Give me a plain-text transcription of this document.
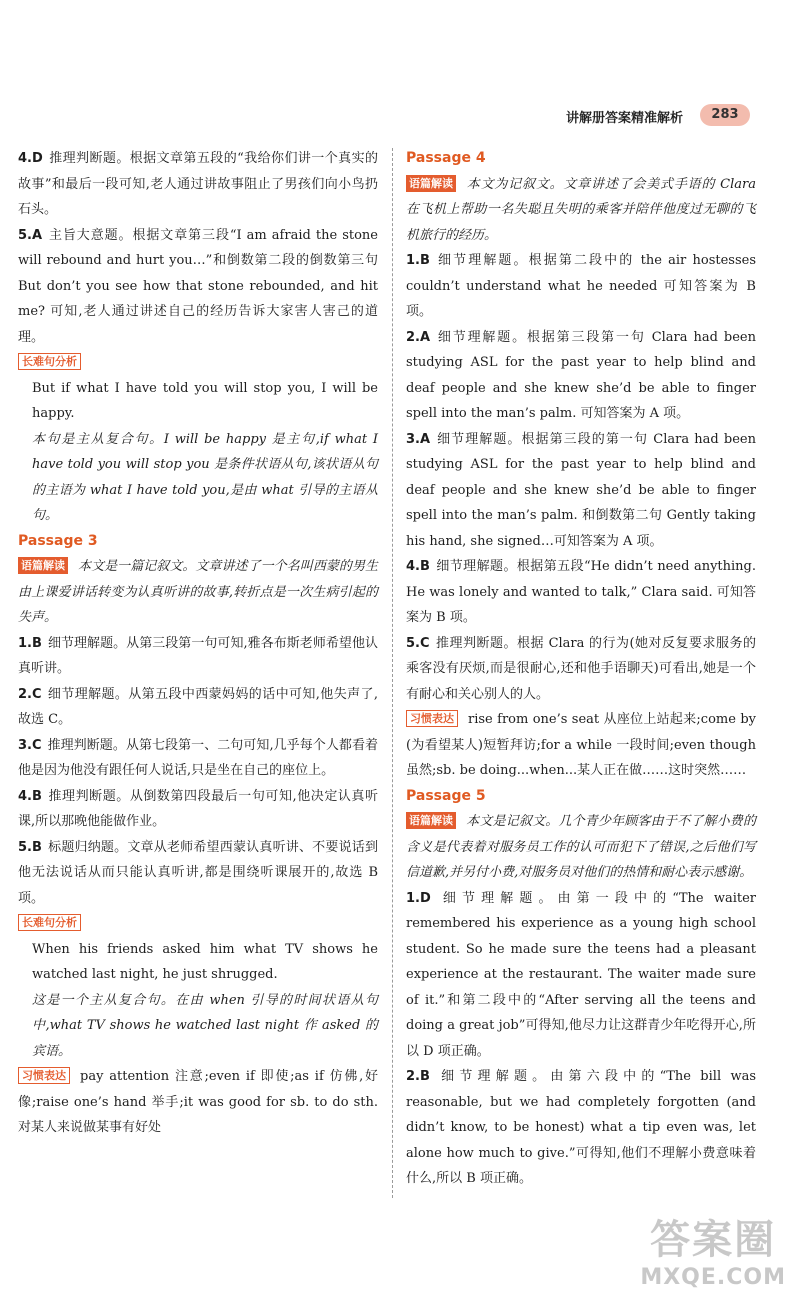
讲解册答案精准解析	283

4.D 推理判断题。根据文章第五段的“我给你们讲一个真实的故事”和最后一段可知,老人通过讲故事阻止了男孩们向小鸟扔石头。

5.A 主旨大意题。根据文章第三段“I am afraid the stone will rebound and hurt you…”和倒数第二段的倒数第三句 But don’t you see how that stone rebounded, and hit me? 可知,老人通过讲述自己的经历告诉大家害人害己的道理。

长难句分析

But if what I have told you will stop you, I will be happy.

本句是主从复合句。I will be happy 是主句,if what I have told you will stop you 是条件状语从句,该状语从句的主语为 what I have told you,是由 what 引导的主语从句。

Passage 3

语篇解读 本文是一篇记叙文。文章讲述了一个名叫西蒙的男生由上课爱讲话转变为认真听讲的故事,转折点是一次生病引起的失声。

1.B 细节理解题。从第三段第一句可知,雅各布斯老师希望他认真听讲。

2.C 细节理解题。从第五段中西蒙妈妈的话中可知,他失声了,故选 C。

3.C 推理判断题。从第七段第一、二句可知,几乎每个人都看着他是因为他没有跟任何人说话,只是坐在自己的座位上。

4.B 推理判断题。从倒数第四段最后一句可知,他决定认真听课,所以那晚他能做作业。

5.B 标题归纳题。文章从老师希望西蒙认真听讲、不要说话到他无法说话从而只能认真听讲,都是围绕听课展开的,故选 B 项。

长难句分析

When his friends asked him what TV shows he watched last night, he just shrugged.

这是一个主从复合句。在由 when 引导的时间状语从句中,what TV shows he watched last night 作 asked 的宾语。

习惯表达 pay attention 注意;even if 即使;as if 仿佛,好像;raise one’s hand 举手;it was good for sb. to do sth. 对某人来说做某事有好处

Passage 4

语篇解读 本文为记叙文。文章讲述了会美式手语的 Clara 在飞机上帮助一名失聪且失明的乘客并陪伴他度过无聊的飞机旅行的经历。

1.B 细节理解题。根据第二段中的 the air hostesses couldn’t understand what he needed 可知答案为 B 项。

2.A 细节理解题。根据第三段第一句 Clara had been studying ASL for the past year to help blind and deaf people and she knew she’d be able to finger spell into the man’s palm. 可知答案为 A 项。

3.A 细节理解题。根据第三段的第一句 Clara had been studying ASL for the past year to help blind and deaf people and she knew she’d be able to finger spell into the man’s palm. 和倒数第二句 Gently taking his hand, she signed…可知答案为 A 项。

4.B 细节理解题。根据第五段“He didn’t need anything. He was lonely and wanted to talk,” Clara said. 可知答案为 B 项。

5.C 推理判断题。根据 Clara 的行为(她对反复要求服务的乘客没有厌烦,而是很耐心,还和他手语聊天)可看出,她是一个有耐心和关心别人的人。

习惯表达 rise from one’s seat 从座位上站起来;come by (为看望某人)短暂拜访;for a while 一段时间;even though 虽然;sb. be doing...when...某人正在做……这时突然……

Passage 5

语篇解读 本文是记叙文。几个青少年顾客由于不了解小费的含义是代表着对服务员工作的认可而犯下了错误,之后他们写信道歉,并另付小费,对服务员对他们的热情和耐心表示感谢。

1.D 细节理解题。由第一段中的“The waiter remembered his experience as a young high school student. So he made sure the teens had a pleasant experience at the restaurant. The waiter made sure of it.”和第二段中的“After serving all the teens and doing a great job”可得知,他尽力让这群青少年吃得开心,所以 D 项正确。

2.B 细节理解题。由第六段中的“The bill was reasonable, but we had completely forgotten (and didn’t know, to be honest) what a tip even was, let alone how much to give.”可得知,他们不理解小费意味着什么,所以 B 项正确。

答案圈
MXQE.COM
